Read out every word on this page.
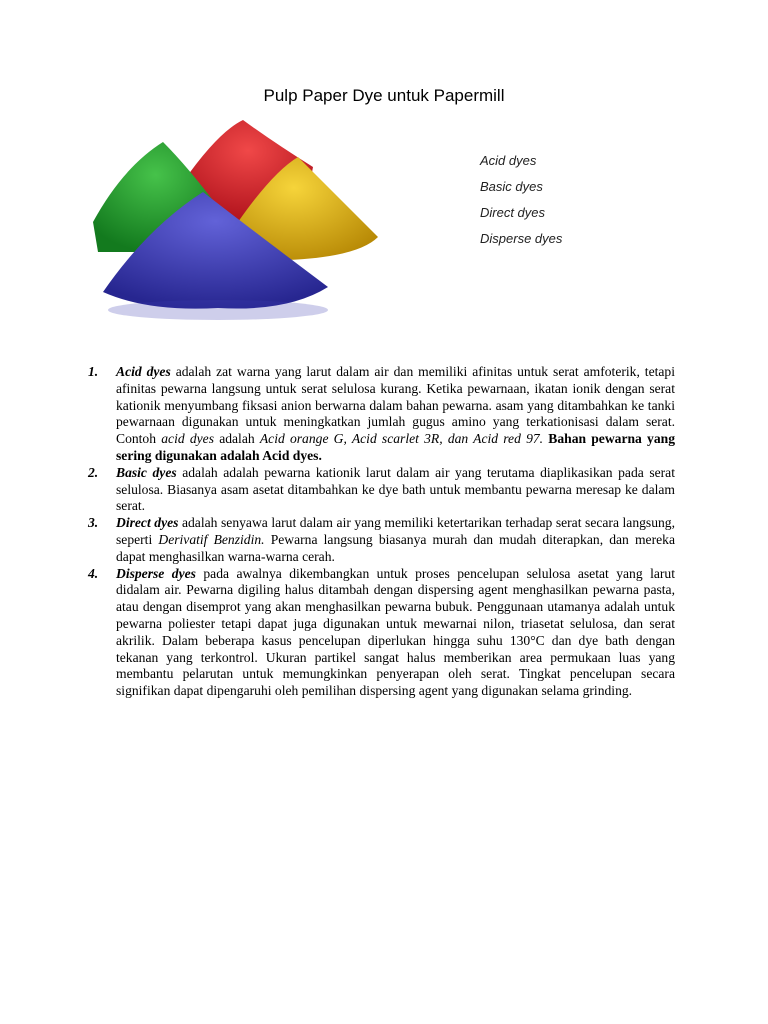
Pulp Paper Dye untuk Papermill
Acid dyes
Basic dyes
Direct dyes
Disperse dyes
1.	Acid dyes adalah zat warna yang larut dalam air dan memiliki afinitas untuk serat amfoterik, tetapi afinitas pewarna langsung untuk serat selulosa kurang. Ketika pewarnaan, ikatan ionik dengan serat kationik menyumbang fiksasi anion berwarna dalam bahan pewarna. asam yang ditambahkan ke tanki pewarnaan digunakan untuk meningkatkan jumlah gugus amino yang terkationisasi dalam serat. Contoh acid dyes adalah Acid orange G, Acid scarlet 3R, dan Acid red 97. Bahan pewarna yang sering digunakan adalah Acid dyes.
2.	Basic dyes adalah adalah pewarna kationik larut dalam air yang terutama diaplikasikan pada serat selulosa. Biasanya asam asetat ditambahkan ke dye bath untuk membantu pewarna meresap ke dalam serat.
3.	Direct dyes adalah senyawa larut dalam air yang memiliki ketertarikan terhadap serat secara langsung, seperti Derivatif Benzidin. Pewarna langsung biasanya murah dan mudah diterapkan, dan mereka dapat menghasilkan warna-warna cerah.
4.	Disperse dyes pada awalnya dikembangkan untuk proses pencelupan selulosa asetat yang larut didalam air. Pewarna digiling halus ditambah dengan dispersing agent menghasilkan pewarna pasta, atau dengan disemprot yang akan menghasilkan pewarna bubuk. Penggunaan utamanya adalah untuk pewarna poliester tetapi dapat juga digunakan untuk mewarnai nilon, triasetat selulosa, dan serat akrilik. Dalam beberapa kasus pencelupan diperlukan hingga suhu 130°C dan dye bath dengan tekanan yang terkontrol. Ukuran partikel sangat halus memberikan area permukaan luas yang membantu pelarutan untuk memungkinkan penyerapan oleh serat. Tingkat pencelupan secara signifikan dapat dipengaruhi oleh pemilihan dispersing agent yang digunakan selama grinding.
